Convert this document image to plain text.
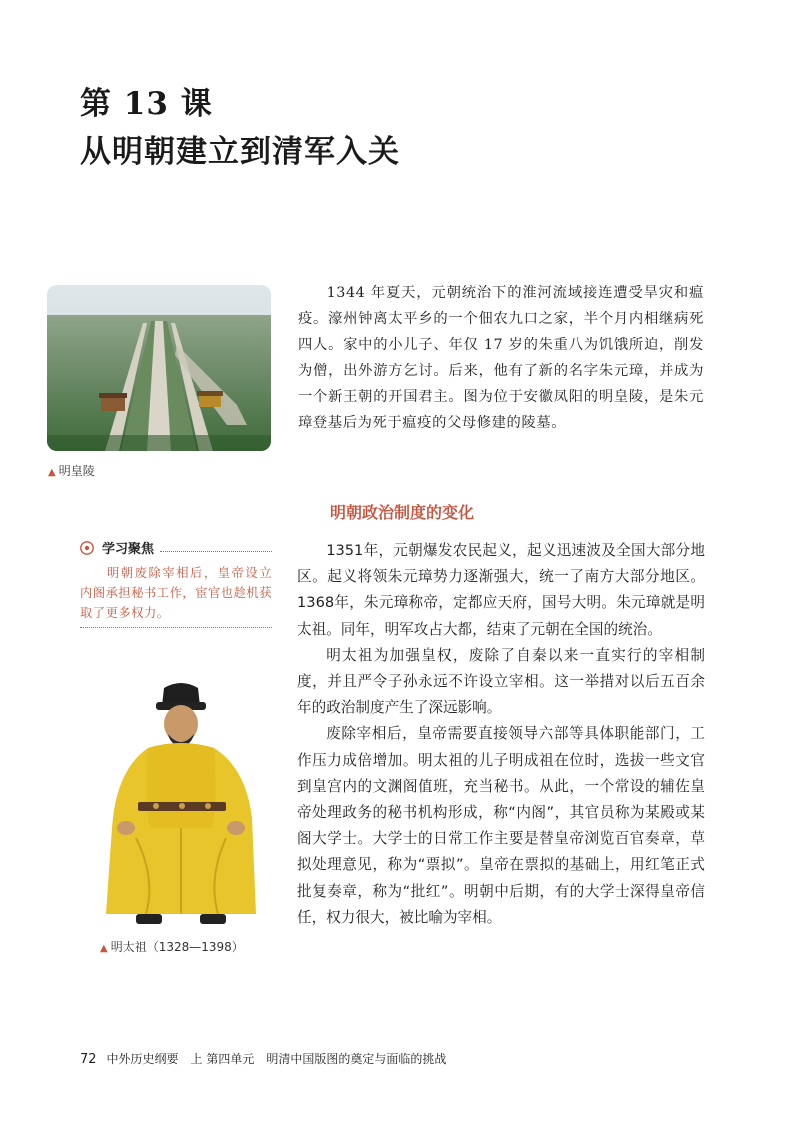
第 13 课
从明朝建立到清军入关
▲ 明皇陵
1344 年夏天，元朝统治下的淮河流域接连遭受旱灾和瘟疫。濠州钟离太平乡的一个佃农九口之家，半个月内相继病死四人。家中的小儿子、年仅 17 岁的朱重八为饥饿所迫，削发为僧，出外游方乞讨。后来，他有了新的名字朱元璋，并成为一个新王朝的开国君主。图为位于安徽凤阳的明皇陵，是朱元璋登基后为死于瘟疫的父母修建的陵墓。
明朝政治制度的变化
学习聚焦
明朝废除宰相后，皇帝设立内阁承担秘书工作，宦官也趁机获取了更多权力。

1351年，元朝爆发农民起义，起义迅速波及全国大部分地区。起义将领朱元璋势力逐渐强大，统一了南方大部分地区。1368年，朱元璋称帝，定都应天府，国号大明。朱元璋就是明太祖。同年，明军攻占大都，结束了元朝在全国的统治。

明太祖为加强皇权，废除了自秦以来一直实行的宰相制度，并且严令子孙永远不许设立宰相。这一举措对以后五百余年的政治制度产生了深远影响。

废除宰相后，皇帝需要直接领导六部等具体职能部门，工作压力成倍增加。明太祖的儿子明成祖在位时，选拔一些文官到皇宫内的文渊阁值班，充当秘书。从此，一个常设的辅佐皇帝处理政务的秘书机构形成，称“内阁”，其官员称为某殿或某阁大学士。大学士的日常工作主要是替皇帝浏览百官奏章，草拟处理意见，称为“票拟”。皇帝在票拟的基础上，用红笔正式批复奏章，称为“批红”。明朝中后期，有的大学士深得皇帝信任，权力很大，被比喻为宰相。

▲ 明太祖（1328—1398）
72 中外历史纲要　上 第四单元　明清中国版图的奠定与面临的挑战
